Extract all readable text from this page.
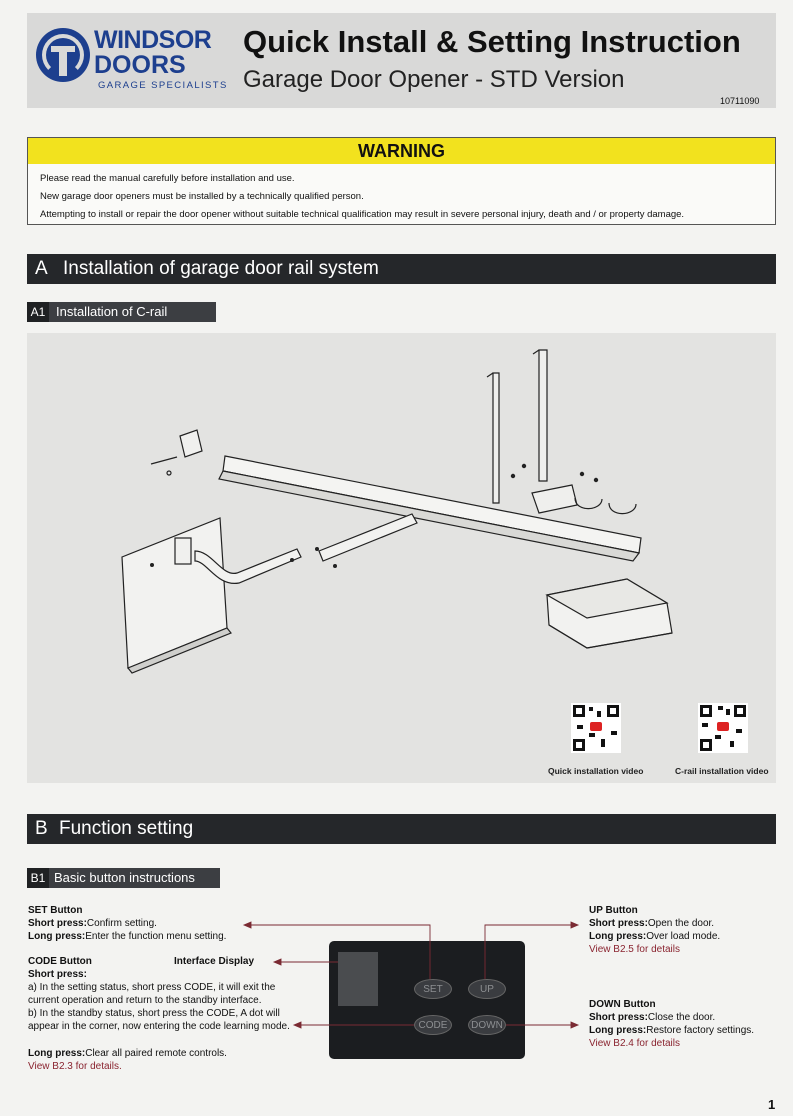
WINDSOR
DOORS
GARAGE SPECIALISTS
Quick Install & Setting Instruction
Garage Door Opener - STD Version
10711090
WARNING
Please read the manual carefully before installation and use.
New garage door openers must be installed by a technically qualified person.
Attempting to install or repair the door opener without suitable technical qualification may result in severe personal injury, death and / or property damage.
A Installation of garage door rail system
A1 Installation of C-rail
Quick installation video	C-rail installation video
B Function setting
B1 Basic button instructions
SET Button
Short press:Confirm setting.
Long press:Enter the function menu setting.
CODE Button	Interface Display
Short press:
a) In the setting status, short press CODE, it will exit the current operation and return to the standby interface.
b) In the standby status, short press the CODE, A dot will appear in the corner, now entering the code learning mode.
Long press:Clear all paired remote controls.
View B2.3 for details.
UP Button
Short press:Open the door.
Long press:Over load mode.
View B2.5 for details
DOWN Button
Short press:Close the door.
Long press:Restore factory settings.
View B2.4 for details
SET	UP
CODE	DOWN
1
